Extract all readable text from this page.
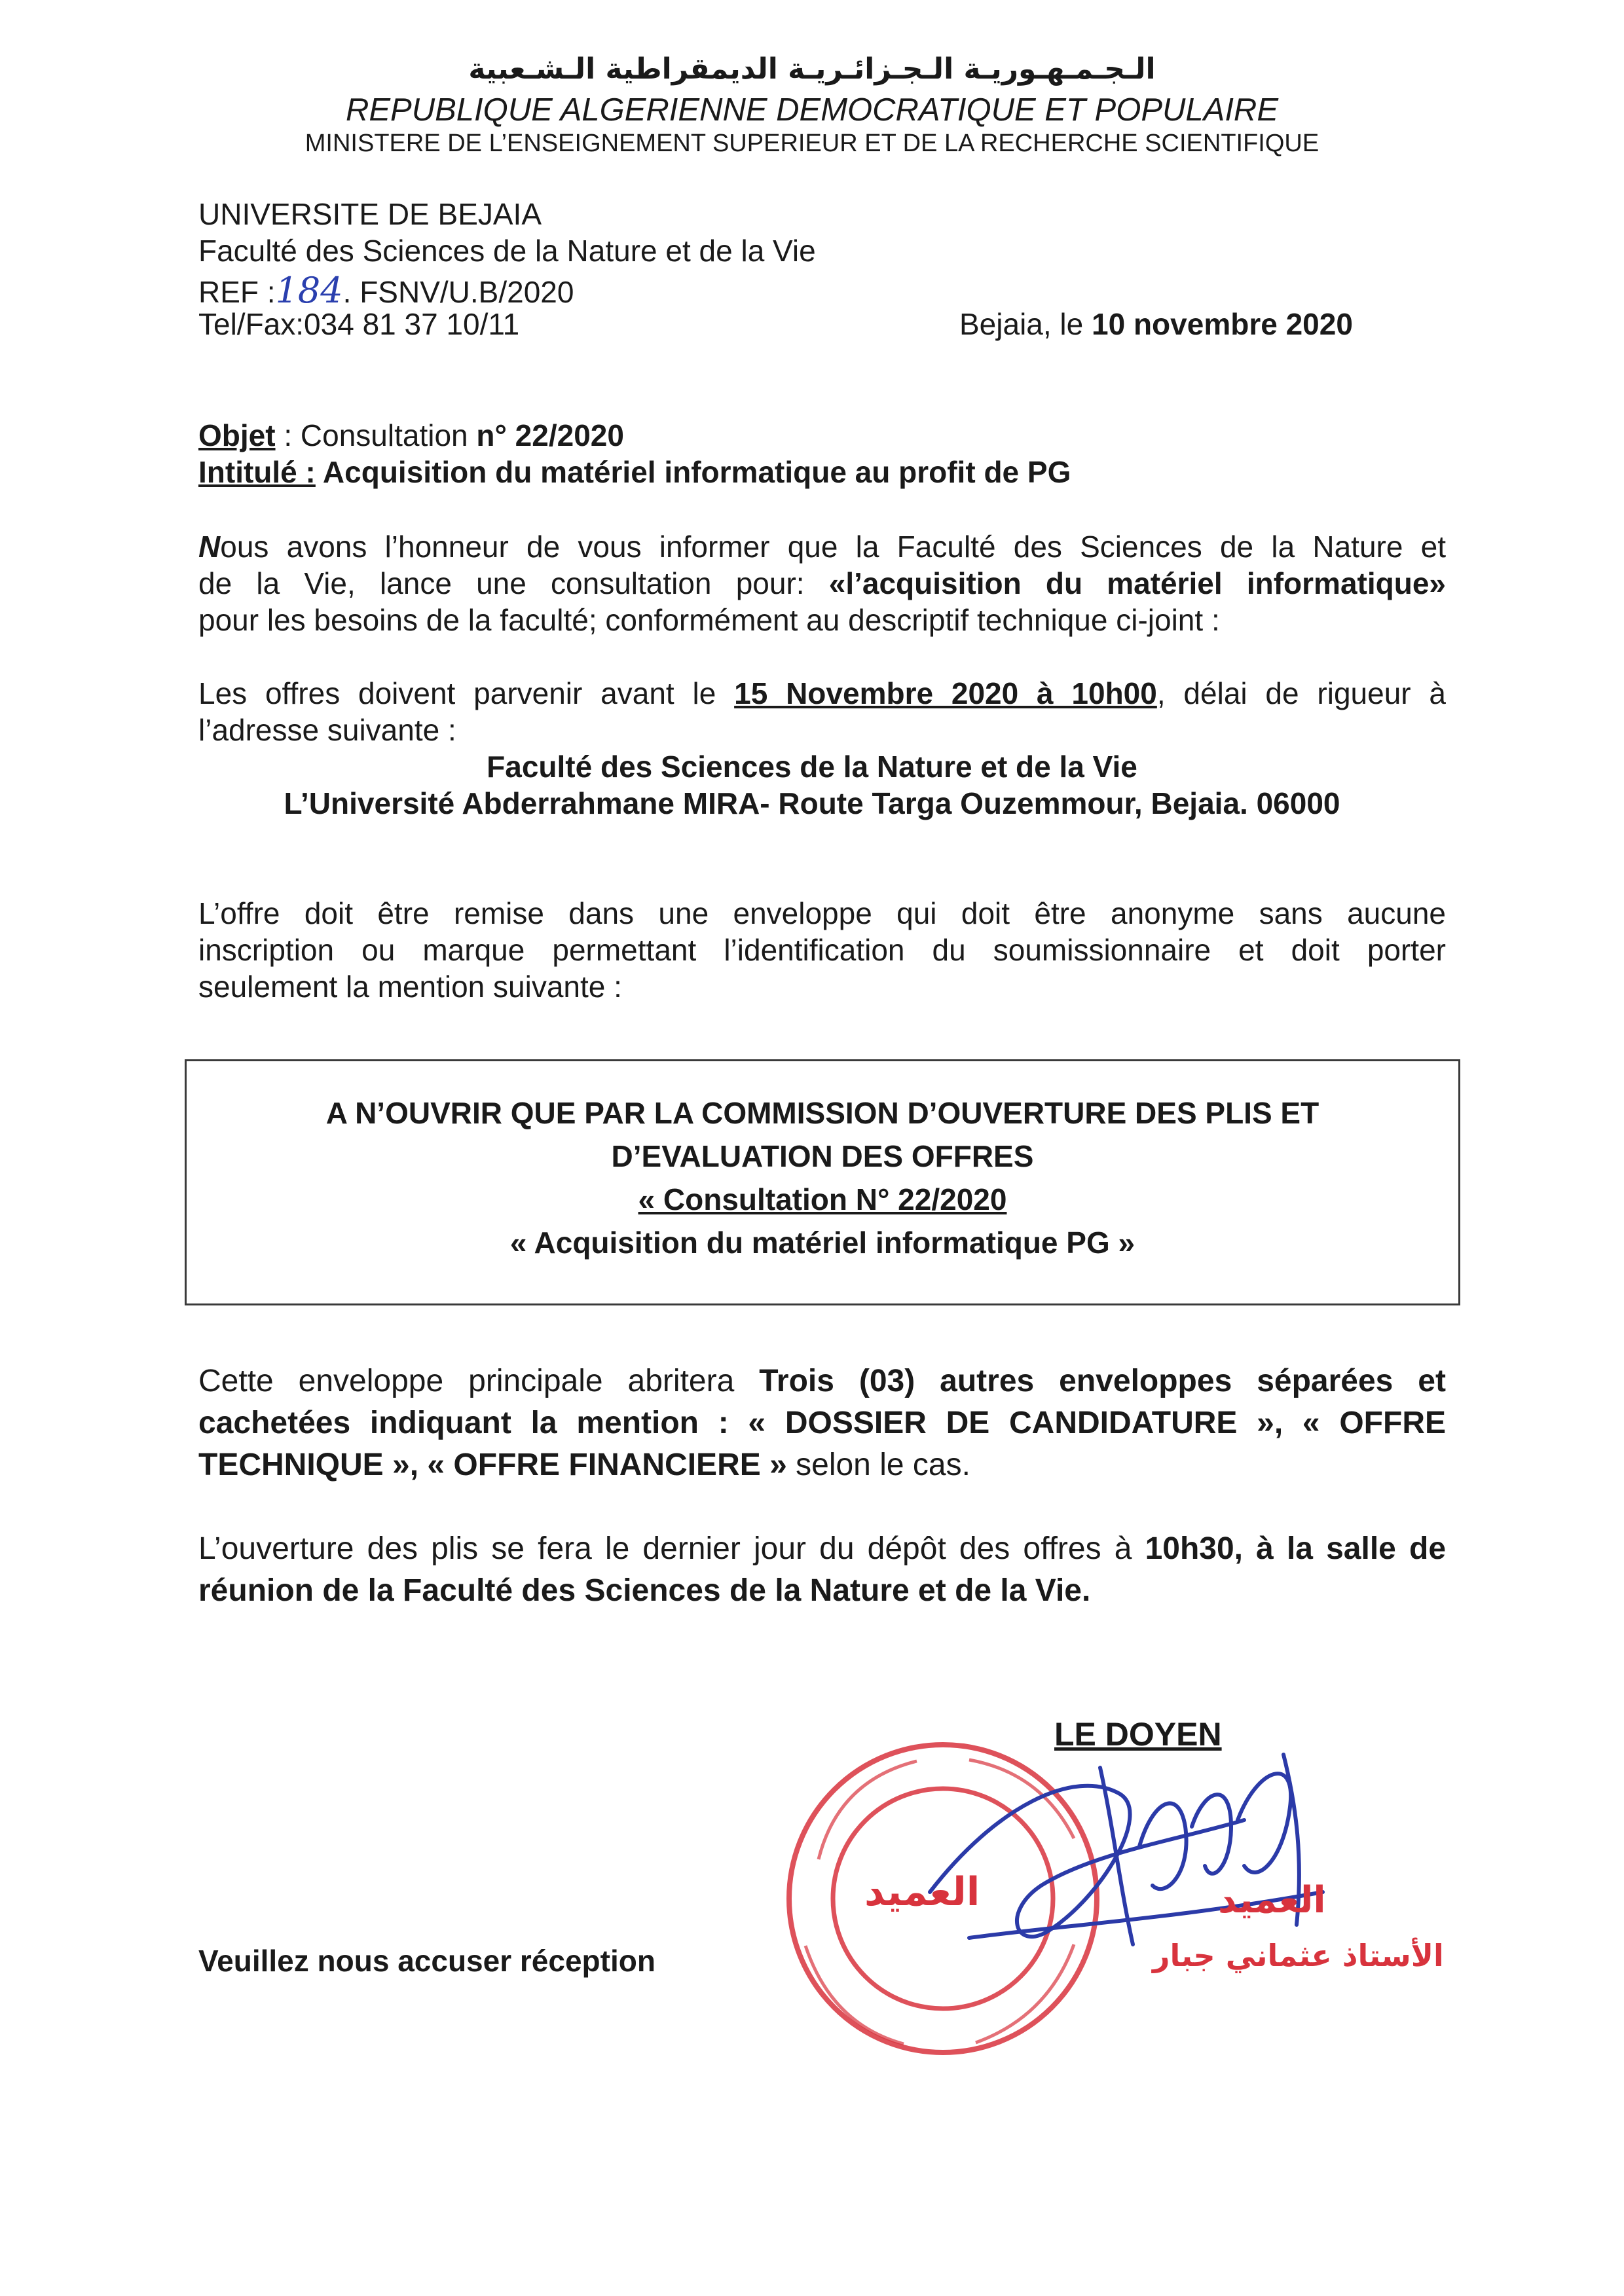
الـجـمـهـوريـة الـجـزائـريـة الديمقراطية الـشـعبية
REPUBLIQUE ALGERIENNE DEMOCRATIQUE ET POPULAIRE
MINISTERE DE L’ENSEIGNEMENT SUPERIEUR ET DE LA RECHERCHE SCIENTIFIQUE
UNIVERSITE DE BEJAIA
Faculté des Sciences de la Nature et de la Vie
REF :184. FSNV/U.B/2020
Tel/Fax:034 81 37 10/11	Bejaia, le 10 novembre 2020
Objet : Consultation n° 22/2020
Intitulé : Acquisition du matériel informatique au profit de PG
Nous avons l’honneur de vous informer que la Faculté des Sciences de la Nature et
de la Vie, lance une consultation pour: «l’acquisition du matériel informatique»
pour les besoins de la faculté; conformément au descriptif technique ci-joint :
Les offres doivent parvenir avant le 15 Novembre 2020 à 10h00, délai de rigueur à
l’adresse suivante :
Faculté des Sciences de la Nature et de la Vie
L’Université Abderrahmane MIRA- Route Targa Ouzemmour, Bejaia. 06000
L’offre doit être remise dans une enveloppe qui doit être anonyme sans aucune
inscription ou marque permettant l’identification du soumissionnaire et doit porter
seulement la mention suivante :
A N’OUVRIR QUE PAR LA COMMISSION D’OUVERTURE DES PLIS ET
D’EVALUATION DES OFFRES
« Consultation N° 22/2020
« Acquisition du matériel informatique PG »
Cette enveloppe principale abritera Trois (03) autres enveloppes séparées et
cachetées indiquant la mention : « DOSSIER DE CANDIDATURE », « OFFRE
TECHNIQUE », « OFFRE FINANCIERE » selon le cas.
L’ouverture des plis se fera le dernier jour du dépôt des offres à 10h30, à la salle de
réunion de la Faculté des Sciences de la Nature et de la Vie.
LE DOYEN
العميد	العميد
الأستاذ عثماني جبار
Veuillez nous accuser réception
